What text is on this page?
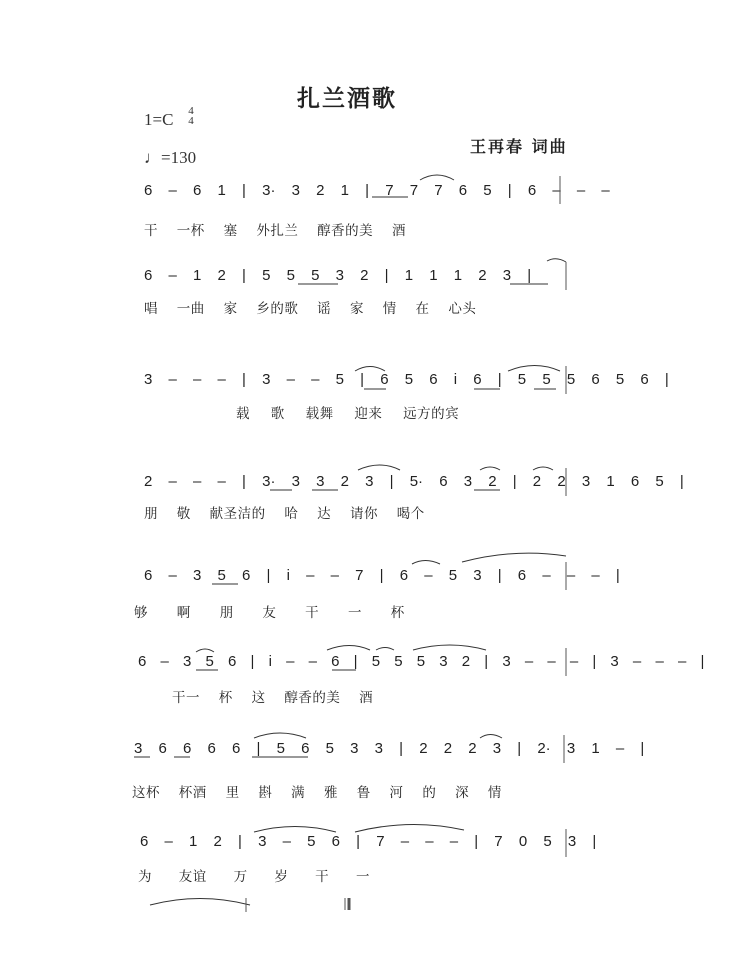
扎兰酒歌
1=C 4
4
♩=130
王再春 词曲
6 – 6 1 | 3· 3 2 1 | 7 7 7 6 5 | 6 – – –
干 一杯 塞 外扎兰 醇香的美 酒
6 – 1 2 | 5 5 5 3 2 | 1 1 1 2 3 |
唱 一曲 家 乡的歌 谣 家 情 在 心头
3 – – – | 3 – – 5 | 6 5 6 i 6 | 5 5 5 6 5 6 |
载 歌 载舞 迎来 远方的宾
2 – – – | 3· 3 3 2 3 | 5· 6 3 2 | 2 2 3 1 6 5 |
朋 敬 献圣洁的 哈 达 请你 喝个
6 – 3 5 6 | i – – 7 | 6 – 5 3 | 6 – – – |
够 啊 朋 友 干 一 杯
6 – 3 5 6 | i – – 6 | 5 5 5 3 2 | 3 – – – | 3 – – – |
干一 杯 这 醇香的美 酒
3 6 6 6 6 | 5 6 5 3 3 | 2 2 2 3 | 2· 3 1 – |
这杯 杯酒 里 斟 满 雅 鲁 河 的 深 情
6 – 1 2 | 3 – 5 6 | 7 – – – | 7 0 5 3 |
为 友谊 万 岁 干 一
